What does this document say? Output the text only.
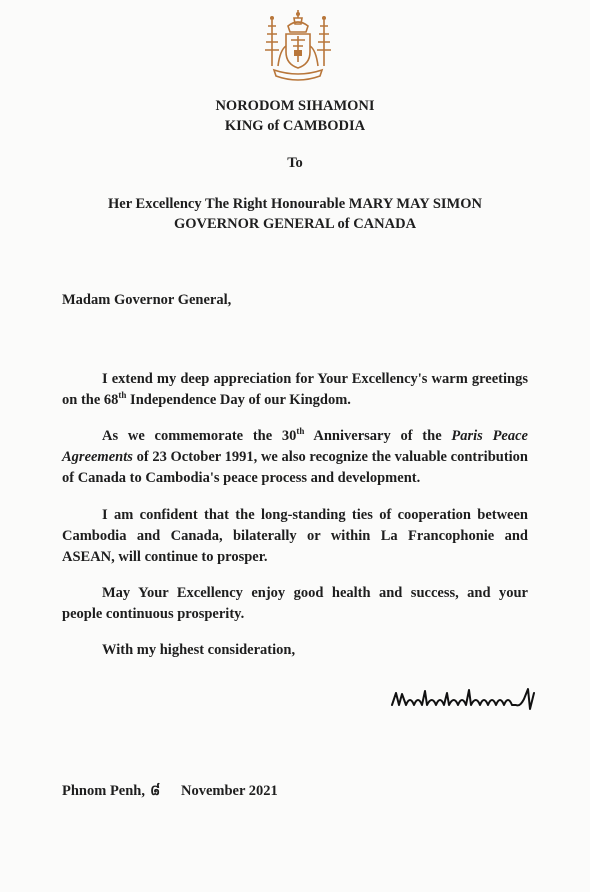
NORODOM SIHAMONI
KING of CAMBODIA
To
Her Excellency The Right Honourable MARY MAY SIMON
GOVERNOR GENERAL of CANADA
Madam Governor General,
I extend my deep appreciation for Your Excellency's warm greetings on the 68th Independence Day of our Kingdom.
As we commemorate the 30th Anniversary of the Paris Peace Agreements of 23 October 1991, we also recognize the valuable contribution of Canada to Cambodia's peace process and development.
I am confident that the long-standing ties of cooperation between Cambodia and Canada, bilaterally or within La Francophonie and ASEAN, will continue to prosper.
May Your Excellency enjoy good health and success, and your people continuous prosperity.
With my highest consideration,
Phnom Penh, ៨ November 2021
